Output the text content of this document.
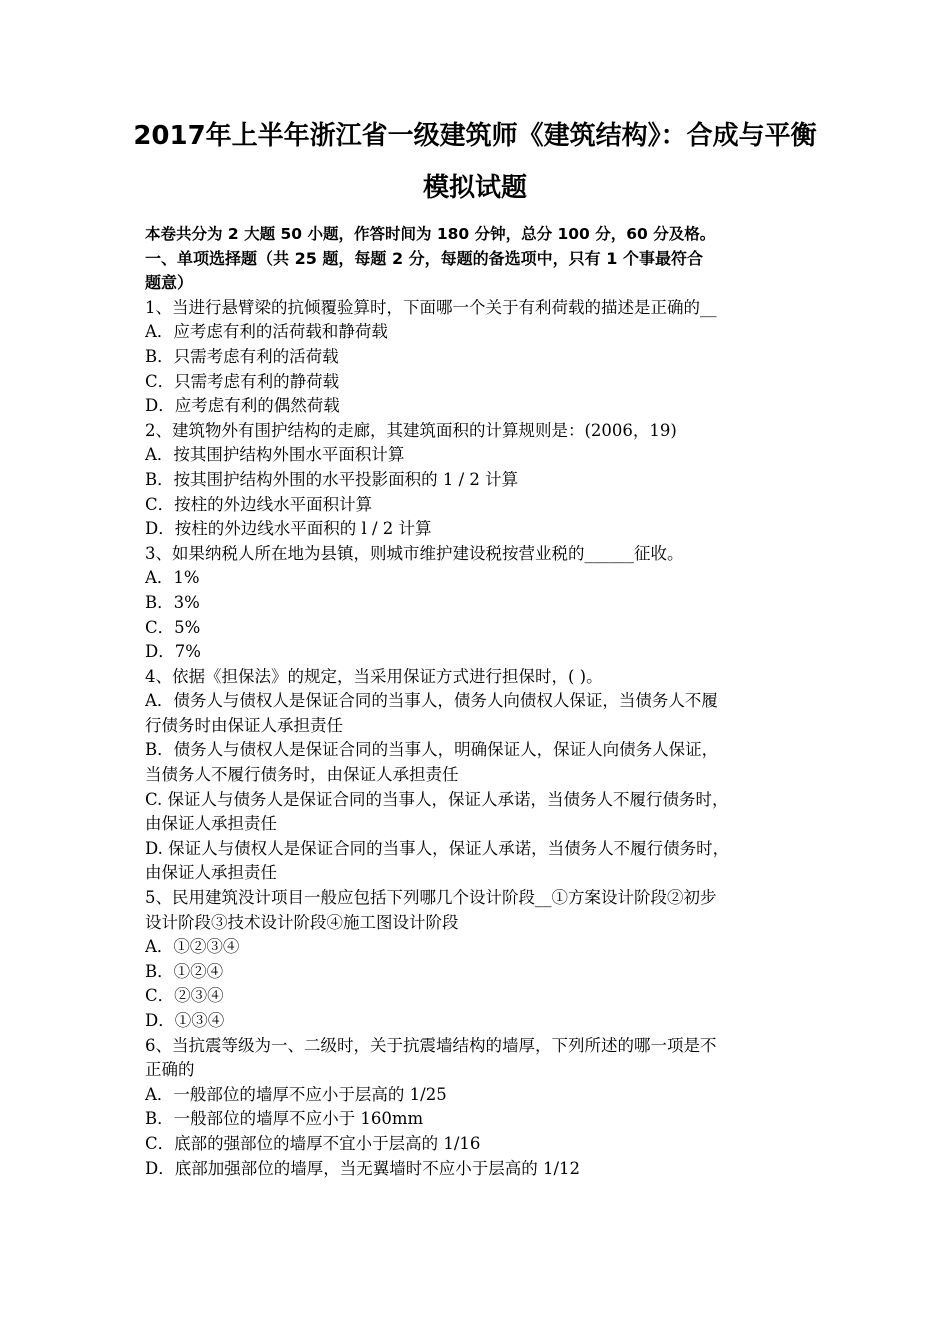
2017年上半年浙江省一级建筑师《建筑结构》：合成与平衡
模拟试题
本卷共分为 2 大题 50 小题，作答时间为 180 分钟，总分 100 分，60 分及格。
一、单项选择题（共 25 题，每题 2 分，每题的备选项中，只有 1 个事最符合
题意）
1、当进行悬臂梁的抗倾覆验算时，下面哪一个关于有利荷载的描述是正确的__
A．应考虑有利的活荷载和静荷载
B．只需考虑有利的活荷载
C．只需考虑有利的静荷载
D．应考虑有利的偶然荷载
2、建筑物外有围护结构的走廊，其建筑面积的计算规则是：(2006，19)
A．按其围护结构外围水平面积计算
B．按其围护结构外围的水平投影面积的 1 / 2 计算
C．按柱的外边线水平面积计算
D．按柱的外边线水平面积的 l / 2 计算
3、如果纳税人所在地为县镇，则城市维护建设税按营业税的______征收。
A．1%
B．3%
C．5%
D．7%
4、依据《担保法》的规定，当采用保证方式进行担保时，( )。
A．债务人与债权人是保证合同的当事人，债务人向债权人保证，当债务人不履
行债务时由保证人承担责任
B．债务人与债权人是保证合同的当事人，明确保证人，保证人向债务人保证，
当债务人不履行债务时，由保证人承担责任
C. 保证人与债务人是保证合同的当事人，保证人承诺，当债务人不履行债务时，
由保证人承担责任
D. 保证人与债权人是保证合同的当事人，保证人承诺，当债务人不履行债务时，
由保证人承担责任
5、民用建筑没计项目一般应包括下列哪几个设计阶段__①方案设计阶段②初步
设计阶段③技术设计阶段④施工图设计阶段
A．①②③④
B．①②④
C．②③④
D．①③④
6、当抗震等级为一、二级时，关于抗震墙结构的墙厚，下列所述的哪一项是不
正确的
A．一般部位的墙厚不应小于层高的 1/25
B．一般部位的墙厚不应小于 160mm
C．底部的强部位的墙厚不宜小于层高的 1/16
D．底部加强部位的墙厚，当无翼墙时不应小于层高的 1/12
